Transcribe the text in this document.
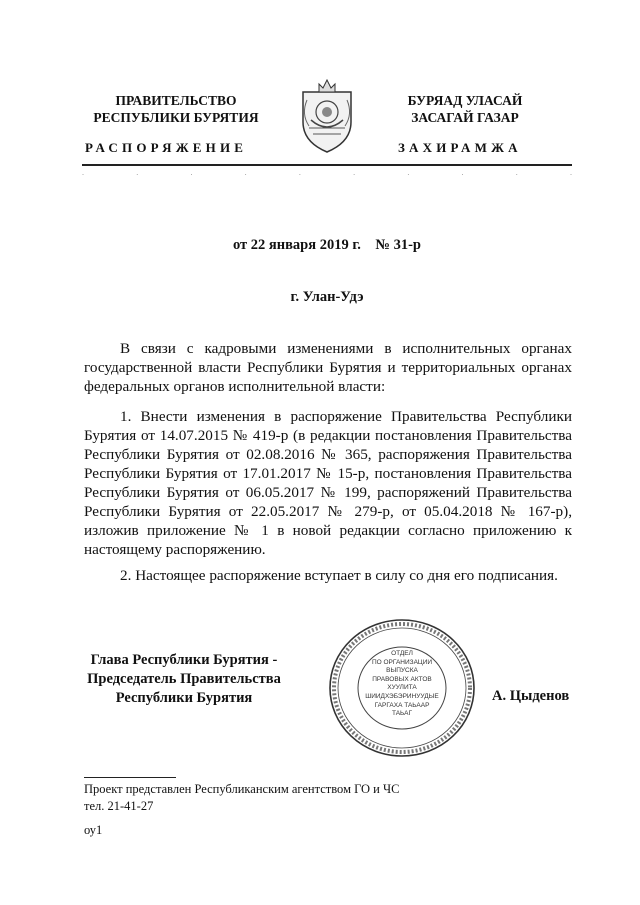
ПРАВИТЕЛЬСТВО
РЕСПУБЛИКИ БУРЯТИЯ
РАСПОРЯЖЕНИЕ
БУРЯАД УЛАСАЙ
ЗАСАГАЙ ГАЗАР
ЗАХИРАМЖА
.	.	.	.	.	.	.	.	.	.
от 22 января 2019 г.    № 31-р
г. Улан-Удэ
В связи с кадровыми изменениями в исполнительных органах государственной власти Республики Бурятия и территориальных органах федеральных органов исполнительной власти:
1. Внести изменения в распоряжение Правительства Республики Бурятия от 14.07.2015 № 419-р (в редакции постановления Правительства Республики Бурятия от 02.08.2016 № 365, распоряжения Правительства Республики Бурятия от 17.01.2017 № 15-р, постановления Правительства Республики Бурятия от 06.05.2017 № 199, распоряжений Правительства Республики Бурятия от 22.05.2017 № 279-р, от 05.04.2018 № 167-р), изложив приложение № 1 в новой редакции согласно приложению к настоящему распоряжению.
2. Настоящее распоряжение вступает в силу со дня его подписания.
Глава Республики Бурятия -
Председатель Правительства
Республики Бурятия	А. Цыденов
ОТДЕЛ
ПО ОРГАНИЗАЦИИ
ВЫПУСКА
ПРАВОВЫХ АКТОВ
ХУУЛИТА
ШИИДХЭБЭРИНУУДЫЕ
ГАРГАХА ТАЬААР
ТАЬАГ
Проект представлен Республиканским агентством ГО и ЧС
тел. 21-41-27
оу1
